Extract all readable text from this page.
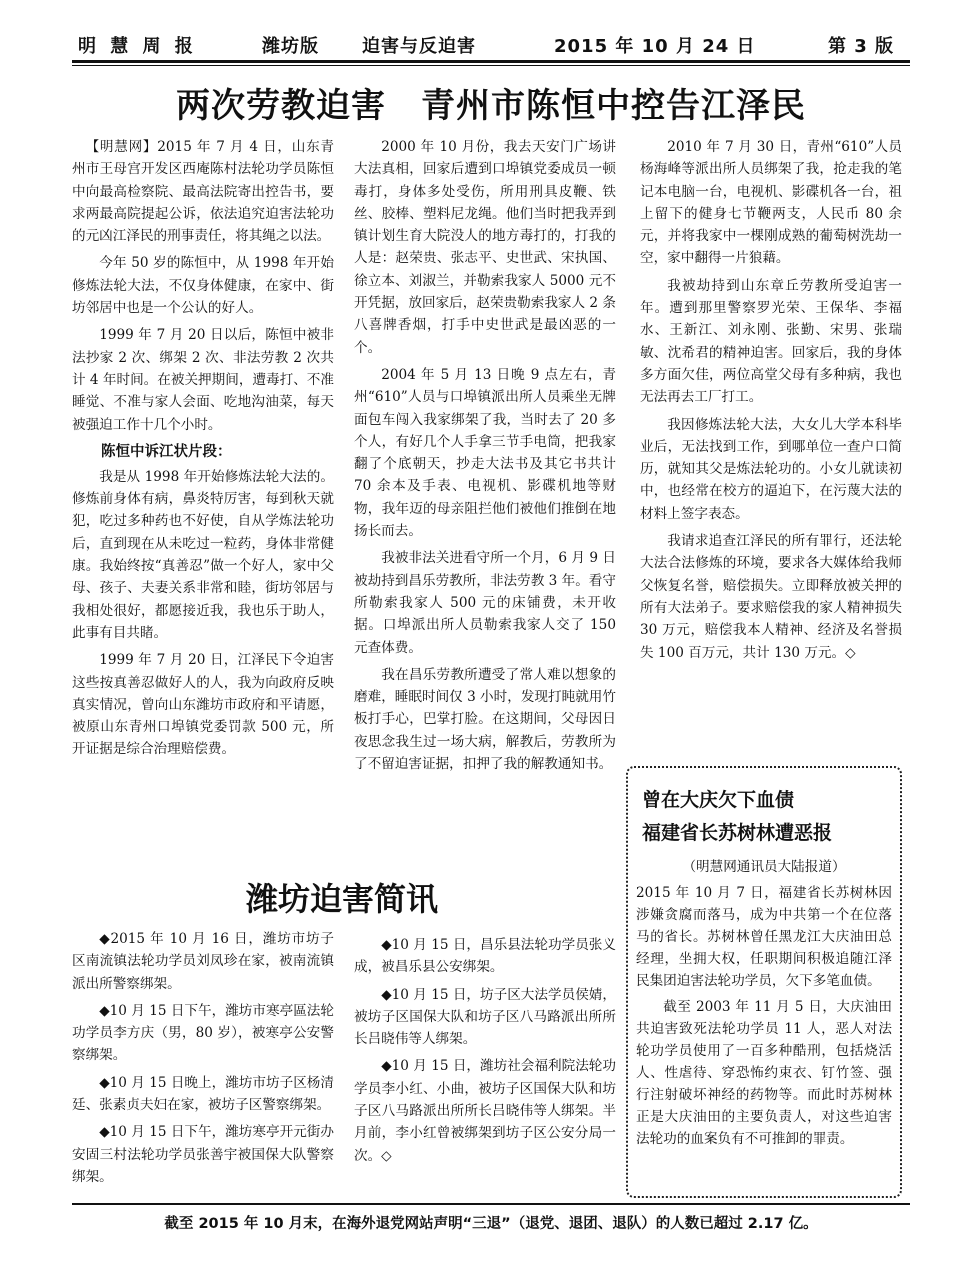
明 慧 周 报	潍坊版 迫害与反迫害	2015 年 10 月 24 日	第 3 版
两次劳教迫害　青州市陈恒中控告江泽民

【明慧网】2015 年 7 月 4 日，山东青州市王母宫开发区西庵陈村法轮功学员陈恒中向最高检察院、最高法院寄出控告书，要求两最高院提起公诉，依法追究迫害法轮功的元凶江泽民的刑事责任，将其绳之以法。

今年 50 岁的陈恒中，从 1998 年开始修炼法轮大法，不仅身体健康，在家中、街坊邻居中也是一个公认的好人。

1999 年 7 月 20 日以后，陈恒中被非法抄家 2 次、绑架 2 次、非法劳教 2 次共计 4 年时间。在被关押期间，遭毒打、不准睡觉、不准与家人会面、吃地沟油菜，每天被强迫工作十几个小时。

陈恒中诉江状片段：

我是从 1998 年开始修炼法轮大法的。修炼前身体有病，鼻炎特厉害，每到秋天就犯，吃过多种药也不好使，自从学炼法轮功后，直到现在从未吃过一粒药，身体非常健康。我始终按“真善忍”做一个好人，家中父母、孩子、夫妻关系非常和睦，街坊邻居与我相处很好，都愿接近我，我也乐于助人，此事有目共睹。

1999 年 7 月 20 日，江泽民下令迫害这些按真善忍做好人的人，我为向政府反映真实情况，曾向山东潍坊市政府和平请愿，被原山东青州口埠镇党委罚款 500 元，所开证据是综合治理赔偿费。

2000 年 10 月份，我去天安门广场讲大法真相，回家后遭到口埠镇党委成员一顿毒打，身体多处受伤，所用刑具皮鞭、铁丝、胶棒、塑料尼龙绳。他们当时把我弄到镇计划生育大院没人的地方毒打的，打我的人是：赵荣贵、张志平、史世武、宋执国、徐立本、刘淑兰，并勒索我家人 5000 元不开凭据，放回家后，赵荣贵勒索我家人 2 条八喜牌香烟，打手中史世武是最凶恶的一个。

2004 年 5 月 13 日晚 9 点左右，青州“610”人员与口埠镇派出所人员乘坐无牌面包车闯入我家绑架了我，当时去了 20 多个人，有好几个人手拿三节手电筒，把我家翻了个底朝天，抄走大法书及其它书共计 70 余本及手表、电视机、影碟机地等财物，我年迈的母亲阻拦他们被他们推倒在地扬长而去。

我被非法关进看守所一个月，6 月 9 日被劫持到昌乐劳教所，非法劳教 3 年。看守所勒索我家人 500 元的床铺费，未开收据。口埠派出所人员勒索我家人交了 150 元查体费。

我在昌乐劳教所遭受了常人难以想象的磨难，睡眠时间仅 3 小时，发现打盹就用竹板打手心，巴掌打脸。在这期间，父母因日夜思念我生过一场大病，解教后，劳教所为了不留迫害证据，扣押了我的解教通知书。

2010 年 7 月 30 日，青州“610”人员杨海峰等派出所人员绑架了我，抢走我的笔记本电脑一台，电视机、影碟机各一台，祖上留下的健身七节鞭两支，人民币 80 余元，并将我家中一棵刚成熟的葡萄树洗劫一空，家中翻得一片狼藉。

我被劫持到山东章丘劳教所受迫害一年。遭到那里警察罗光荣、王保华、李福水、王新江、刘永刚、张勤、宋男、张瑞敏、沈希君的精神迫害。回家后，我的身体多方面欠佳，两位高堂父母有多种病，我也无法再去工厂打工。

我因修炼法轮大法，大女儿大学本科毕业后，无法找到工作，到哪单位一查户口简历，就知其父是炼法轮功的。小女儿就读初中，也经常在校方的逼迫下，在污蔑大法的材料上签字表态。

我请求追查江泽民的所有罪行，还法轮大法合法修炼的环境，要求各大媒体给我师父恢复名誉，赔偿损失。立即释放被关押的所有大法弟子。要求赔偿我的家人精神损失 30 万元，赔偿我本人精神、经济及名誉损失 100 百万元，共计 130 万元。◇

潍坊迫害简讯

◆2015 年 10 月 16 日，潍坊市坊子区南流镇法轮功学员刘凤珍在家，被南流镇派出所警察绑架。

◆10 月 15 日下午，潍坊市寒亭區法轮功学员李方庆（男，80 岁），被寒亭公安警察绑架。

◆10 月 15 日晚上，潍坊市坊子区杨清廷、张素贞夫妇在家，被坊子区警察绑架。

◆10 月 15 日下午，潍坊寒亭开元街办安固三村法轮功学员张善宇被国保大队警察绑架。

◆10 月 15 日，昌乐县法轮功学员张义成，被昌乐县公安绑架。

◆10 月 15 日，坊子区大法学员侯婧，被坊子区国保大队和坊子区八马路派出所所长吕晓伟等人绑架。

◆10 月 15 日，潍坊社会福利院法轮功学员李小红、小曲，被坊子区国保大队和坊子区八马路派出所所长吕晓伟等人绑架。半月前，李小红曾被绑架到坊子区公安分局一次。◇

曾在大庆欠下血债
福建省长苏树林遭恶报

（明慧网通讯员大陆报道）

2015 年 10 月 7 日，福建省长苏树林因涉嫌贪腐而落马，成为中共第一个在位落马的省长。苏树林曾任黑龙江大庆油田总经理，坐拥大权，任职期间积极追随江泽民集团迫害法轮功学员，欠下多笔血债。

截至 2003 年 11 月 5 日，大庆油田共迫害致死法轮功学员 11 人，恶人对法轮功学员使用了一百多种酷刑，包括烧活人、性虐待、穿恐怖约束衣、钉竹签、强行注射破坏神经的药物等。而此时苏树林正是大庆油田的主要负责人，对这些迫害法轮功的血案负有不可推卸的罪责。

截至 2015 年 10 月末，在海外退党网站声明“三退”（退党、退团、退队）的人数已超过 2.17 亿。
